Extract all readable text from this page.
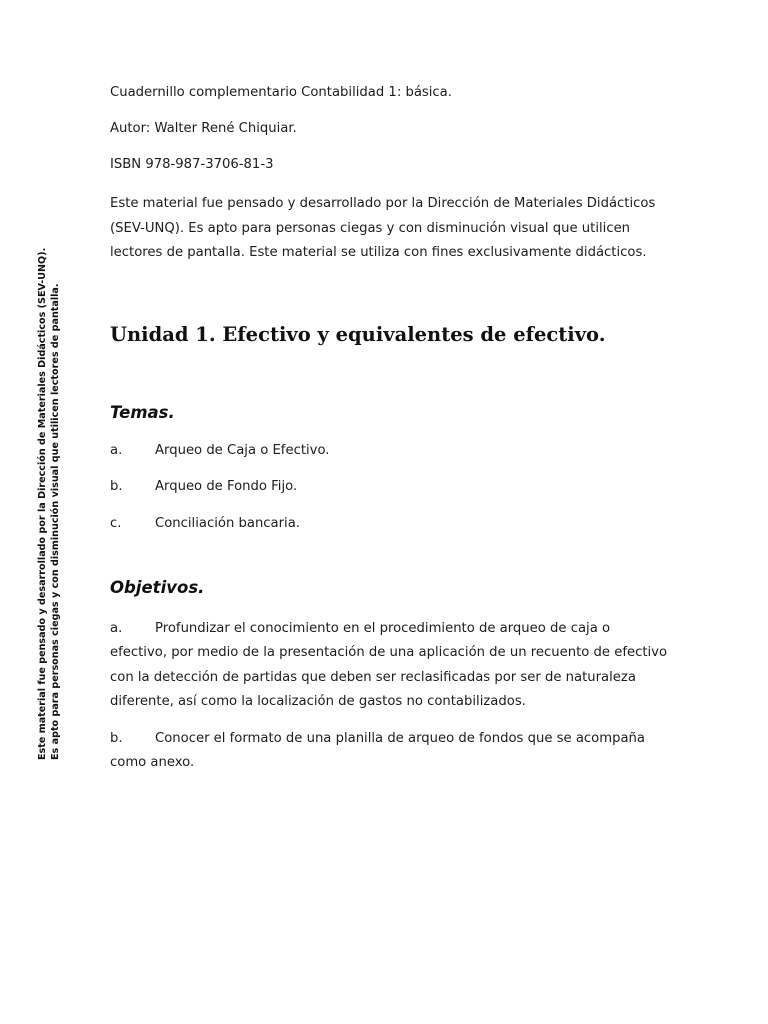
Este material fue pensado y desarrollado por la Dirección de Materiales Didácticos (SEV-UNQ). Es apto para personas ciegas y con disminución visual que utilicen lectores de pantalla.

Cuadernillo complementario Contabilidad 1: básica.

Autor: Walter René Chiquiar.

ISBN 978-987-3706-81-3

Este material fue pensado y desarrollado por la Dirección de Materiales Didácticos (SEV-UNQ). Es apto para personas ciegas y con disminución visual que utilicen lectores de pantalla. Este material se utiliza con fines exclusivamente didácticos.

Unidad 1. Efectivo y equivalentes de efectivo.
Temas.
a.	Arqueo de Caja o Efectivo.
b.	Arqueo de Fondo Fijo.
c.	Conciliación bancaria.
Objetivos.
a. Profundizar el conocimiento en el procedimiento de arqueo de caja o efectivo, por medio de la presentación de una aplicación de un recuento de efectivo con la detección de partidas que deben ser reclasificadas por ser de naturaleza diferente, así como la localización de gastos no contabilizados.
b. Conocer el formato de una planilla de arqueo de fondos que se acompaña como anexo.
